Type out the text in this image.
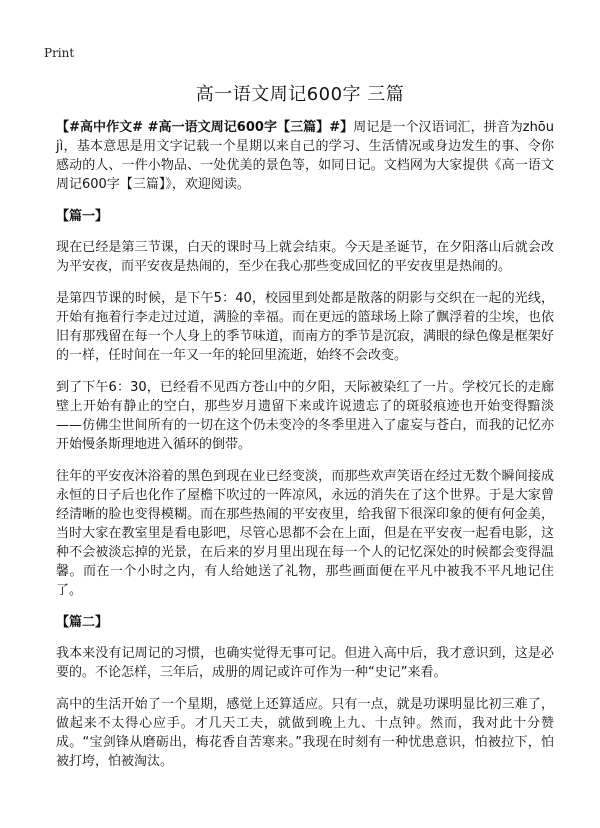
Print
高一语文周记600字 三篇

【#高中作文# #高一语文周记600字【三篇】#】周记是一个汉语词汇，拼音为zhōu jì，基本意思是用文字记载一个星期以来自己的学习、生活情况或身边发生的事、令你感动的人、一件小物品、一处优美的景色等，如同日记。文档网为大家提供《高一语文周记600字【三篇】》，欢迎阅读。

【篇一】

现在已经是第三节课，白天的课时马上就会结束。今天是圣诞节，在夕阳落山后就会改为平安夜，而平安夜是热闹的，至少在我心那些变成回忆的平安夜里是热闹的。

是第四节课的时候，是下午5：40，校园里到处都是散落的阴影与交织在一起的光线，开始有拖着行李走过过道，满脸的幸福。而在更远的篮球场上除了飘浮着的尘埃，也依旧有那残留在每一个人身上的季节味道，而南方的季节是沉寂，满眼的绿色像是框架好的一样，任时间在一年又一年的轮回里流逝，始终不会改变。

到了下午6：30，已经看不见西方苍山中的夕阳，天际被染红了一片。学校冗长的走廊壁上开始有静止的空白，那些岁月遗留下来或许说遗忘了的斑驳痕迹也开始变得黯淡——仿佛尘世间所有的一切在这个仍未变冷的冬季里进入了虚妄与苍白，而我的记忆亦开始慢条斯理地进入循环的倒带。

往年的平安夜沐浴着的黑色到现在业已经变淡，而那些欢声笑语在经过无数个瞬间接成永恒的日子后也化作了屋檐下吹过的一阵凉风，永远的消失在了这个世界。于是大家曾经清晰的脸也变得模糊。而在那些热闹的平安夜里，给我留下很深印象的便有何金美，当时大家在教室里是看电影吧，尽管心思都不会在上面，但是在平安夜一起看电影，这种不会被淡忘掉的光景，在后来的岁月里出现在每一个人的记忆深处的时候都会变得温馨。而在一个小时之内，有人给她送了礼物，那些画面便在平凡中被我不平凡地记住了。

【篇二】

我本来没有记周记的习惯，也确实觉得无事可记。但进入高中后，我才意识到，这是必要的。不论怎样，三年后，成册的周记或许可作为一种“史记”来看。

高中的生活开始了一个星期，感觉上还算适应。只有一点，就是功课明显比初三难了，做起来不太得心应手。才几天工夫，就做到晚上九、十点钟。然而，我对此十分赞成。“宝剑锋从磨砺出，梅花香自苦寒来。”我现在时刻有一种忧患意识，怕被拉下，怕被打垮，怕被淘汰。
